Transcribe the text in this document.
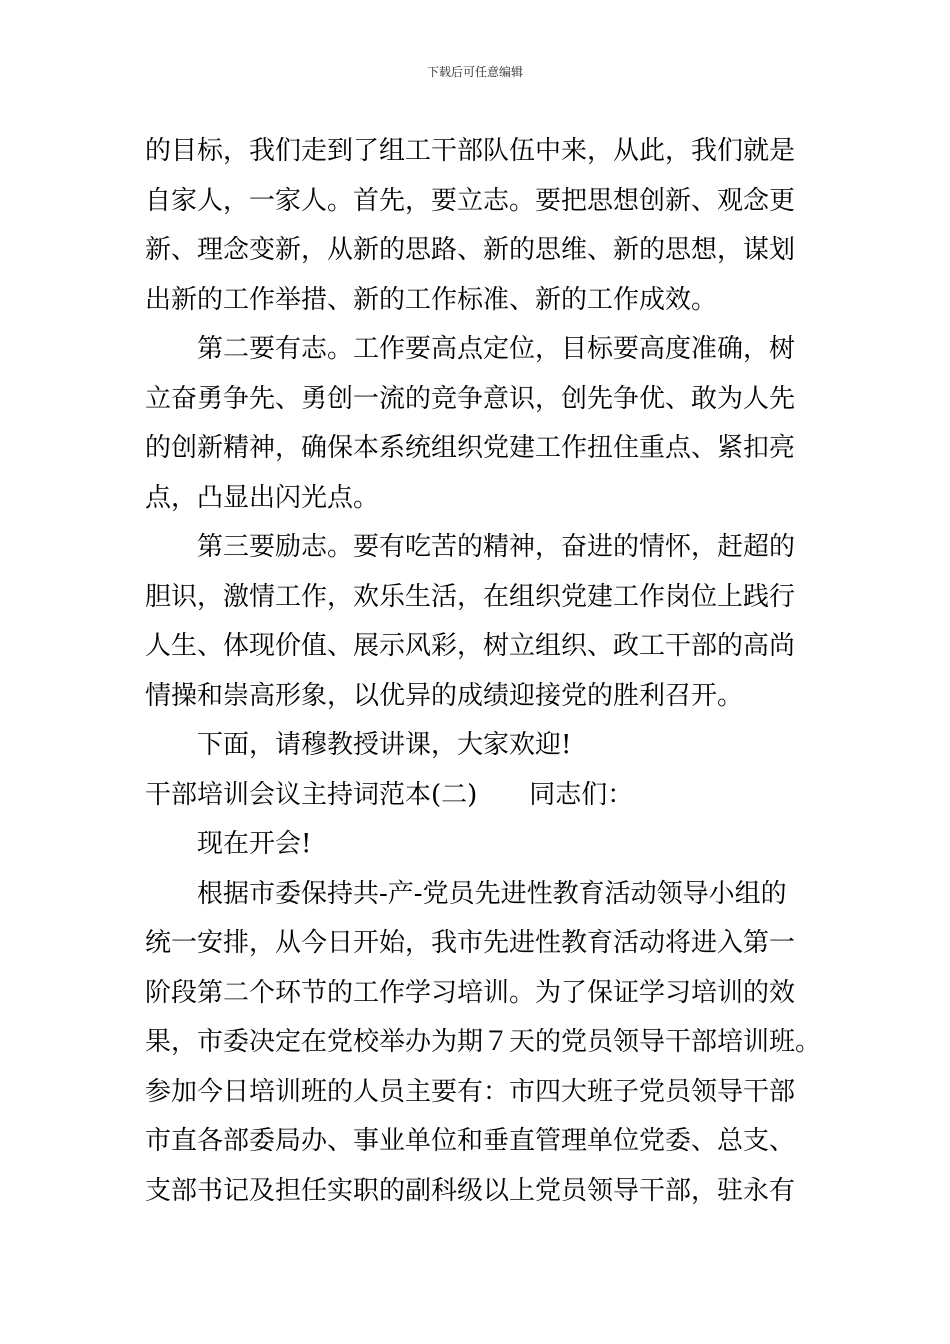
下载后可任意编辑
的目标，我们走到了组工干部队伍中来，从此，我们就是
自家人，一家人。首先，要立志。要把思想创新、观念更
新、理念变新，从新的思路、新的思维、新的思想，谋划
出新的工作举措、新的工作标准、新的工作成效。
第二要有志。工作要高点定位，目标要高度准确，树
立奋勇争先、勇创一流的竞争意识，创先争优、敢为人先
的创新精神，确保本系统组织党建工作扭住重点、紧扣亮
点，凸显出闪光点。
第三要励志。要有吃苦的精神，奋进的情怀，赶超的
胆识，激情工作，欢乐生活，在组织党建工作岗位上践行
人生、体现价值、展示风彩，树立组织、政工干部的高尚
情操和崇高形象，以优异的成绩迎接党的胜利召开。
下面，请穆教授讲课，大家欢迎!
干部培训会议主持词范本(二) 同志们：
现在开会!
根据市委保持共-产-党员先进性教育活动领导小组的
统一安排，从今日开始，我市先进性教育活动将进入第一
阶段第二个环节的工作学习培训。为了保证学习培训的效
果，市委决定在党校举办为期７天的党员领导干部培训班。
参加今日培训班的人员主要有：市四大班子党员领导干部
市直各部委局办、事业单位和垂直管理单位党委、总支、
支部书记及担任实职的副科级以上党员领导干部，驻永有
